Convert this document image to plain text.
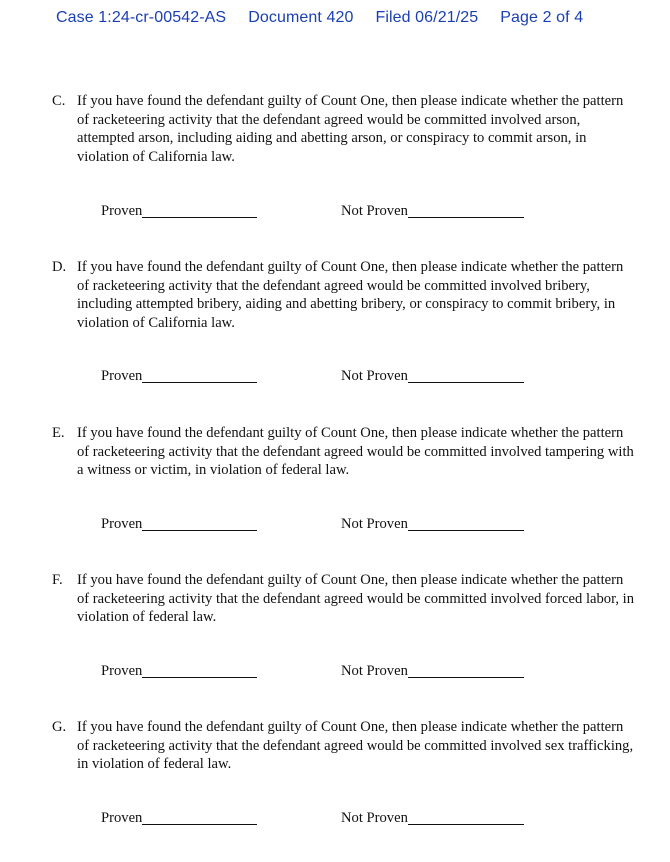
Case 1:24-cr-00542-AS Document 420 Filed 06/21/25 Page 2 of 4
C. If you have found the defendant guilty of Count One, then please indicate whether the pattern of racketeering activity that the defendant agreed would be committed involved arson, attempted arson, including aiding and abetting arson, or conspiracy to commit arson, in violation of California law.
Proven	Not Proven
D. If you have found the defendant guilty of Count One, then please indicate whether the pattern of racketeering activity that the defendant agreed would be committed involved bribery, including attempted bribery, aiding and abetting bribery, or conspiracy to commit bribery, in violation of California law.
Proven	Not Proven
E. If you have found the defendant guilty of Count One, then please indicate whether the pattern of racketeering activity that the defendant agreed would be committed involved tampering with a witness or victim, in violation of federal law.
Proven	Not Proven
F. If you have found the defendant guilty of Count One, then please indicate whether the pattern of racketeering activity that the defendant agreed would be committed involved forced labor, in violation of federal law.
Proven	Not Proven
G. If you have found the defendant guilty of Count One, then please indicate whether the pattern of racketeering activity that the defendant agreed would be committed involved sex trafficking, in violation of federal law.
Proven	Not Proven
